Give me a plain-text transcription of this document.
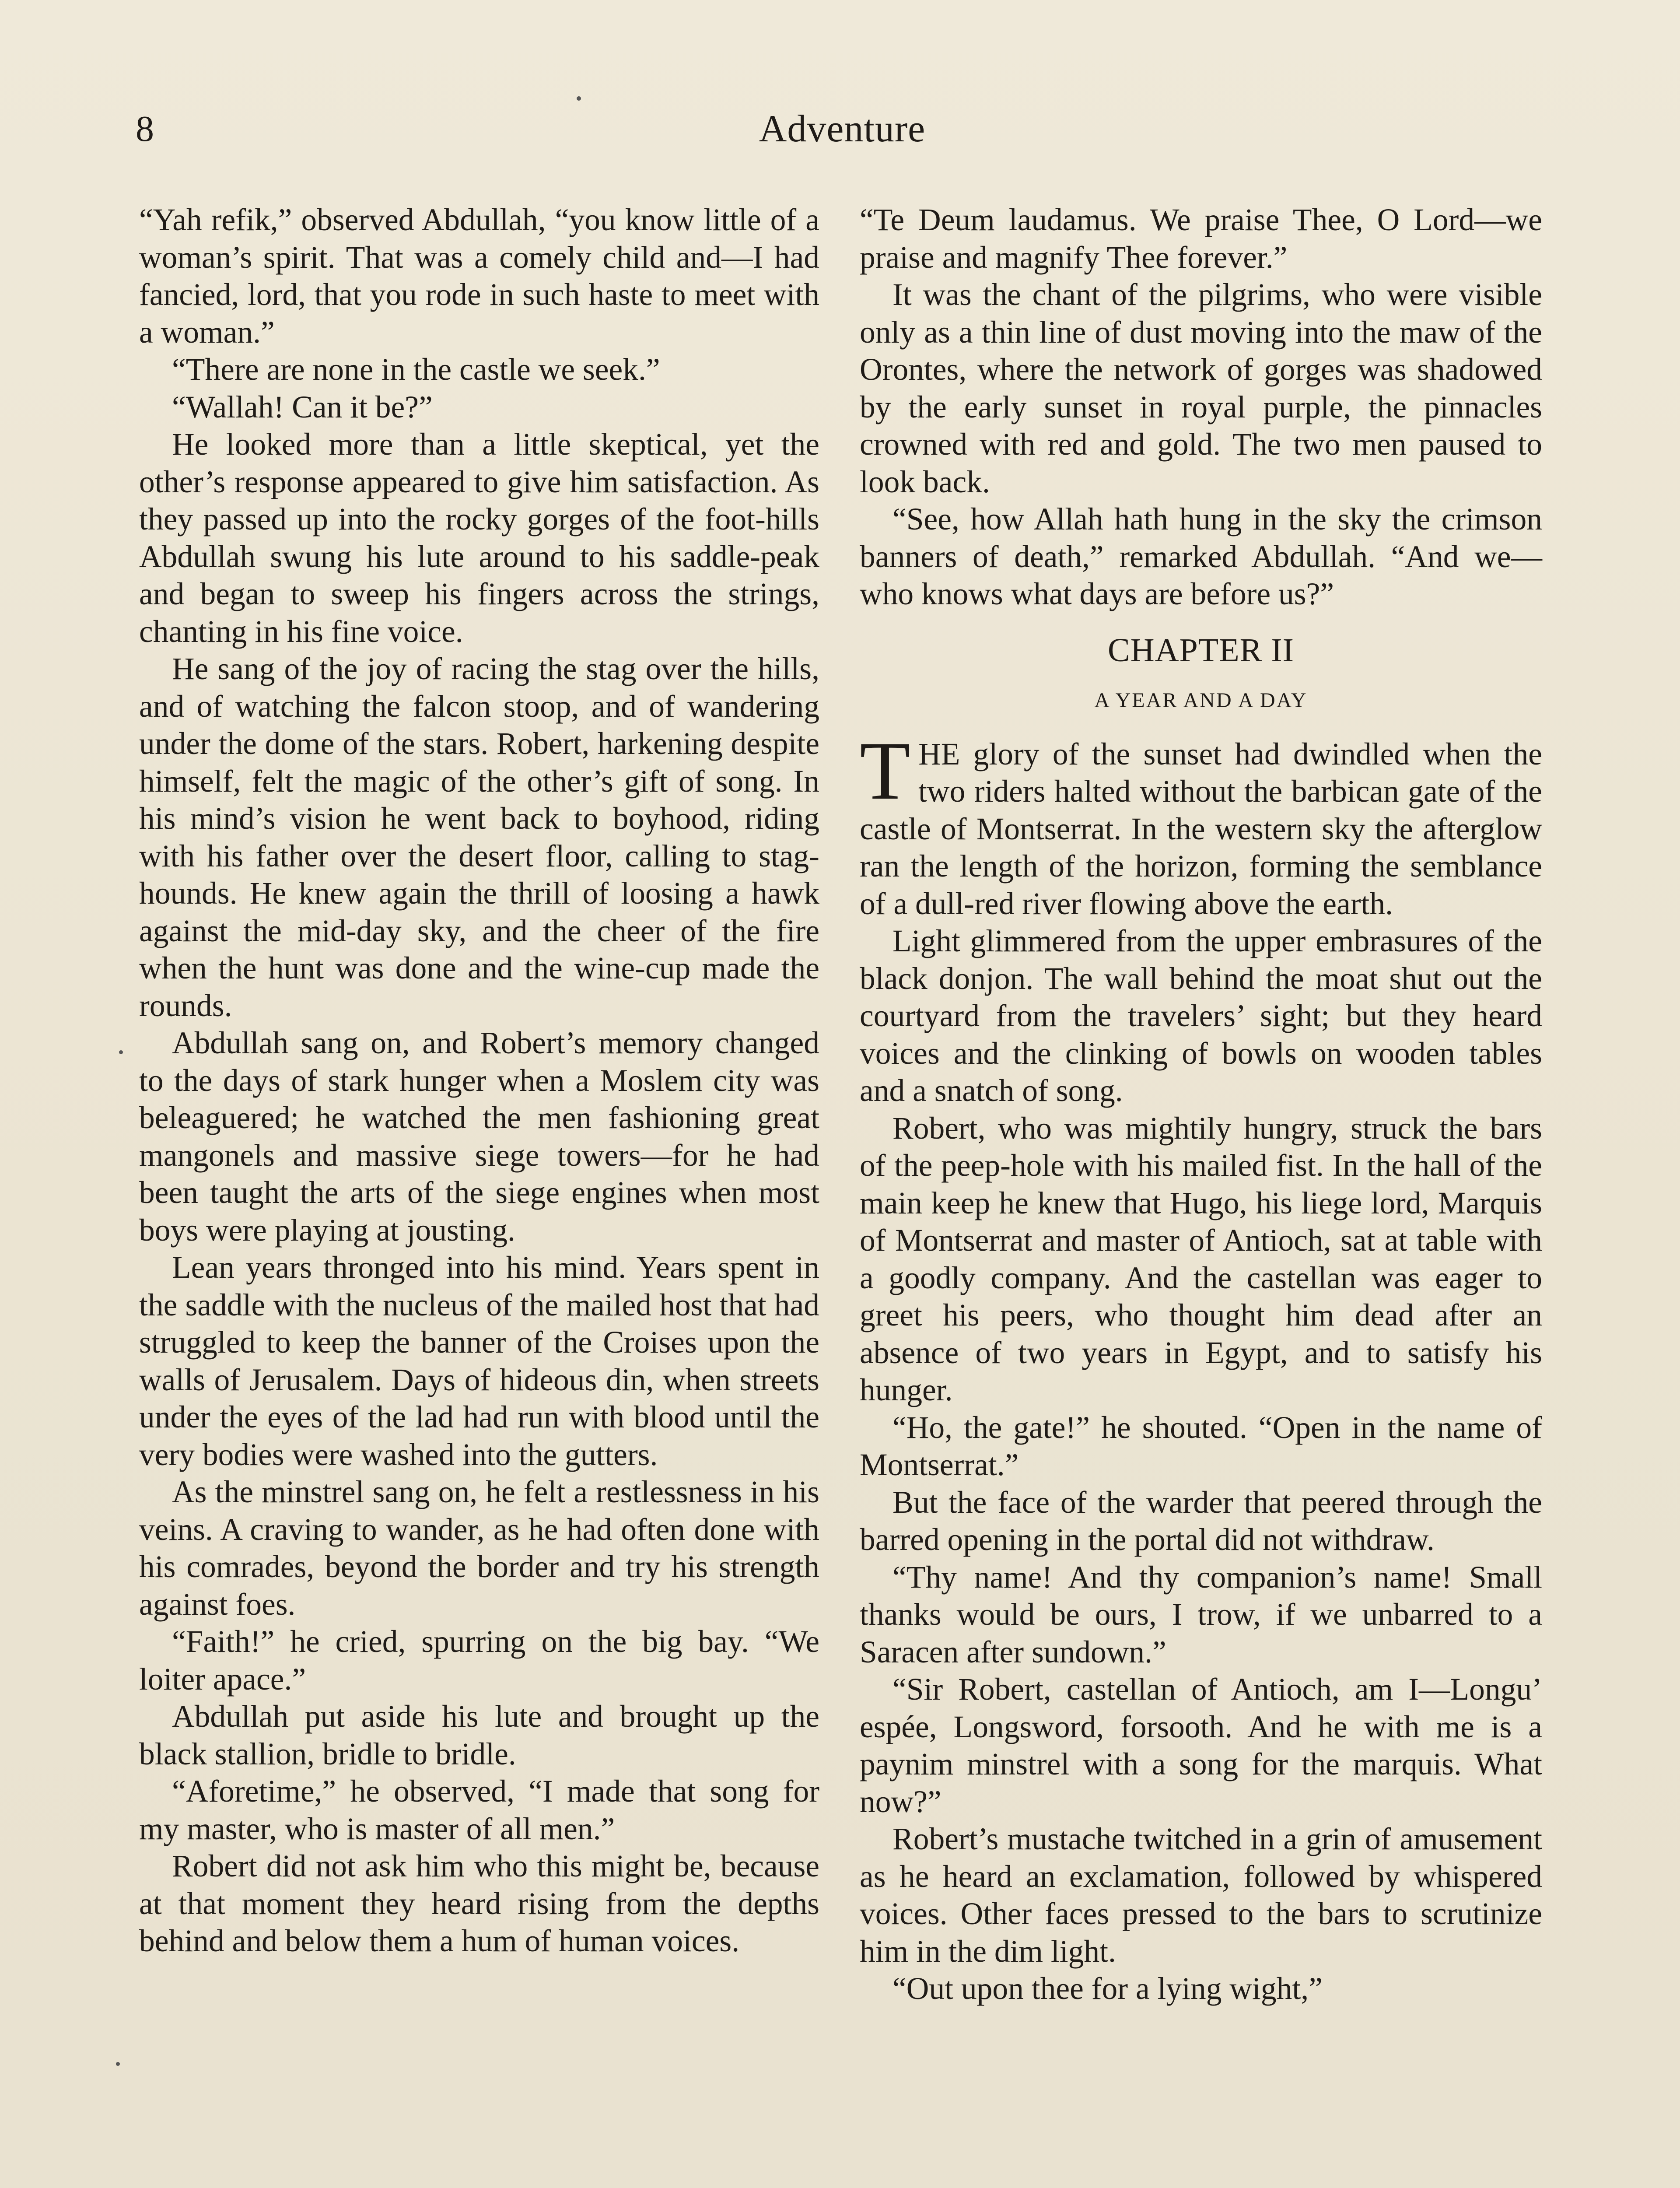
8	Adventure

“Yah refik,” observed Abdullah, “you know little of a woman’s spirit. That was a comely child and—I had fancied, lord, that you rode in such haste to meet with a woman.”

“There are none in the castle we seek.”

“Wallah! Can it be?”

He looked more than a little skeptical, yet the other’s response appeared to give him satisfaction. As they passed up into the rocky gorges of the foot-hills Abdullah swung his lute around to his saddle-peak and began to sweep his fingers across the strings, chanting in his fine voice.

He sang of the joy of racing the stag over the hills, and of watching the falcon stoop, and of wandering under the dome of the stars. Robert, harkening despite himself, felt the magic of the other’s gift of song. In his mind’s vision he went back to boyhood, riding with his father over the desert floor, calling to stag-hounds. He knew again the thrill of loosing a hawk against the mid-day sky, and the cheer of the fire when the hunt was done and the wine-cup made the rounds.

Abdullah sang on, and Robert’s memory changed to the days of stark hunger when a Moslem city was beleaguered; he watched the men fashioning great mangonels and massive siege towers—for he had been taught the arts of the siege engines when most boys were playing at jousting.

Lean years thronged into his mind. Years spent in the saddle with the nucleus of the mailed host that had struggled to keep the banner of the Croises upon the walls of Jerusalem. Days of hideous din, when streets under the eyes of the lad had run with blood until the very bodies were washed into the gutters.

As the minstrel sang on, he felt a restlessness in his veins. A craving to wander, as he had often done with his comrades, beyond the border and try his strength against foes.

“Faith!” he cried, spurring on the big bay. “We loiter apace.”

Abdullah put aside his lute and brought up the black stallion, bridle to bridle.

“Aforetime,” he observed, “I made that song for my master, who is master of all men.”

Robert did not ask him who this might be, because at that moment they heard rising from the depths behind and below them a hum of human voices.

“Te Deum laudamus. We praise Thee, O Lord—we praise and magnify Thee forever.”

It was the chant of the pilgrims, who were visible only as a thin line of dust moving into the maw of the Orontes, where the network of gorges was shadowed by the early sunset in royal purple, the pinnacles crowned with red and gold. The two men paused to look back.

“See, how Allah hath hung in the sky the crimson banners of death,” remarked Abdullah. “And we—who knows what days are before us?”

CHAPTER II
A YEAR AND A DAY

THE glory of the sunset had dwindled when the two riders halted without the barbican gate of the castle of Montserrat. In the western sky the afterglow ran the length of the horizon, forming the semblance of a dull-red river flowing above the earth.

Light glimmered from the upper embrasures of the black donjon. The wall behind the moat shut out the courtyard from the travelers’ sight; but they heard voices and the clinking of bowls on wooden tables and a snatch of song.

Robert, who was mightily hungry, struck the bars of the peep-hole with his mailed fist. In the hall of the main keep he knew that Hugo, his liege lord, Marquis of Montserrat and master of Antioch, sat at table with a goodly company. And the castellan was eager to greet his peers, who thought him dead after an absence of two years in Egypt, and to satisfy his hunger.

“Ho, the gate!” he shouted. “Open in the name of Montserrat.”

But the face of the warder that peered through the barred opening in the portal did not withdraw.

“Thy name! And thy companion’s name! Small thanks would be ours, I trow, if we unbarred to a Saracen after sundown.”

“Sir Robert, castellan of Antioch, am I—Longu’ espée, Longsword, forsooth. And he with me is a paynim minstrel with a song for the marquis. What now?”

Robert’s mustache twitched in a grin of amusement as he heard an exclamation, followed by whispered voices. Other faces pressed to the bars to scrutinize him in the dim light.

“Out upon thee for a lying wight,”
